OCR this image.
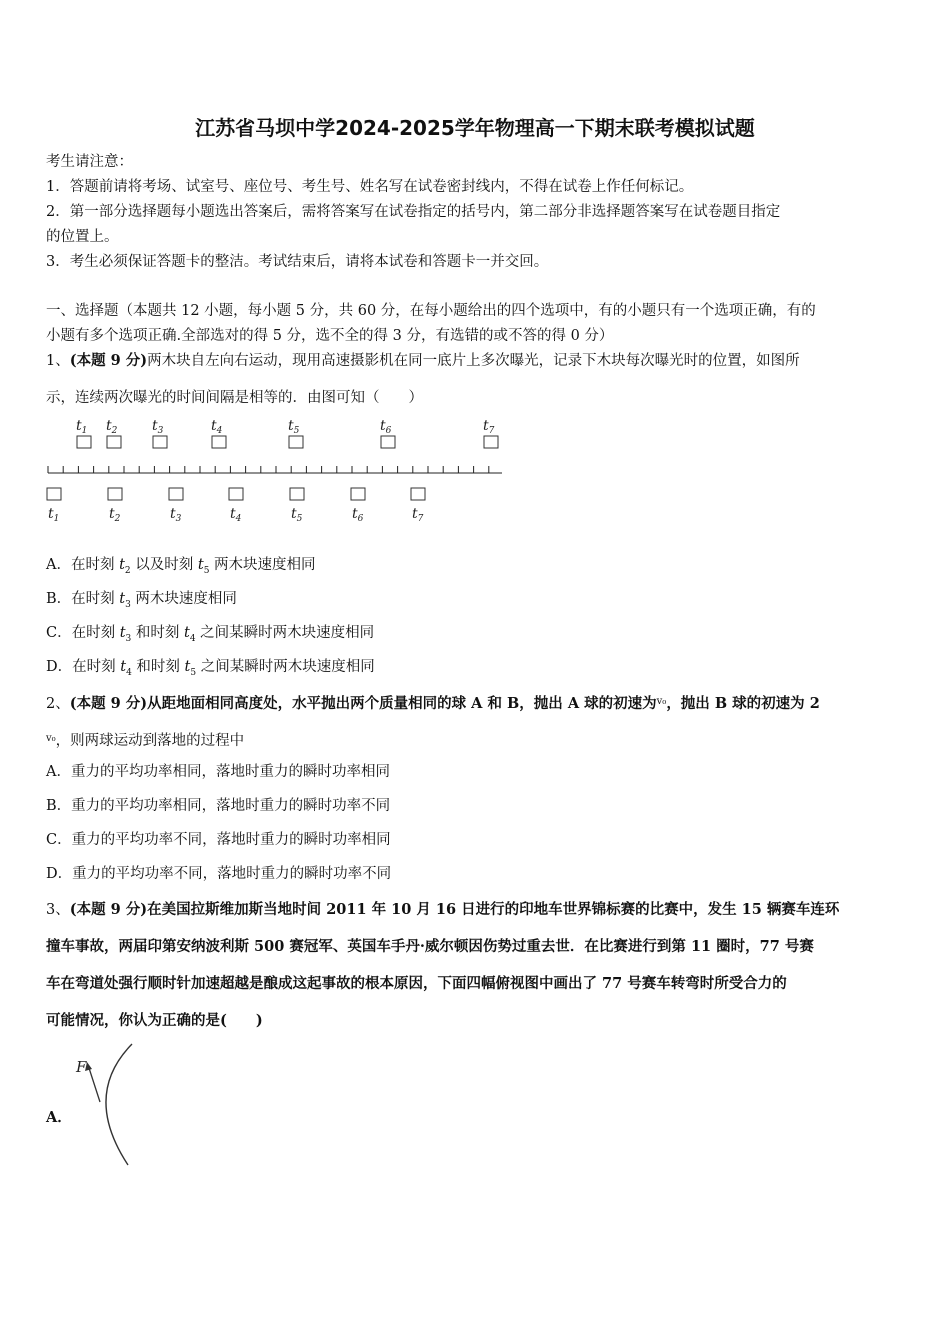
江苏省马坝中学2024-2025学年物理高一下期末联考模拟试题
考生请注意：
1．答题前请将考场、试室号、座位号、考生号、姓名写在试卷密封线内，不得在试卷上作任何标记。
2．第一部分选择题每小题选出答案后，需将答案写在试卷指定的括号内，第二部分非选择题答案写在试卷题目指定
的位置上。
3．考生必须保证答题卡的整洁。考试结束后，请将本试卷和答题卡一并交回。
一、选择题（本题共 12 小题，每小题 5 分，共 60 分，在每小题给出的四个选项中，有的小题只有一个选项正确，有的
小题有多个选项正确.全部选对的得 5 分，选不全的得 3 分，有选错的或不答的得 0 分）
1、(本题 9 分)两木块自左向右运动，现用高速摄影机在同一底片上多次曝光，记录下木块每次曝光时的位置，如图所
示，连续两次曝光的时间间隔是相等的．由图可知（　　）
$t_1$ $t_2$ $t_3$	$t_4$	$t_5$	$t_6$	$t_7$
$t_1$	$t_2$	$t_3$	$t_4$	$t_5$	$t_6$	$t_7$
A．在时刻 $t_2$ 以及时刻 $t_5$ 两木块速度相同
B．在时刻 $t_3$ 两木块速度相同
C．在时刻 $t_3$ 和时刻 $t_4$ 之间某瞬时两木块速度相同
D．在时刻 $t_4$ 和时刻 $t_5$ 之间某瞬时两木块速度相同
2、(本题 9 分)从距地面相同高度处，水平抛出两个质量相同的球 A 和 B，抛出 A 球的初速为$^{v_0}$，抛出 B 球的初速为 2
$^{v_0}$，则两球运动到落地的过程中
A．重力的平均功率相同，落地时重力的瞬时功率相同
B．重力的平均功率相同，落地时重力的瞬时功率不同
C．重力的平均功率不同，落地时重力的瞬时功率相同
D．重力的平均功率不同，落地时重力的瞬时功率不同
3、(本题 9 分)在美国拉斯维加斯当地时间 2011 年 10 月 16 日进行的印地车世界锦标赛的比赛中，发生 15 辆赛车连环
撞车事故，两届印第安纳波利斯 500 赛冠军、英国车手丹·威尔顿因伤势过重去世．在比赛进行到第 11 圈时，77 号赛
车在弯道处强行顺时针加速超越是酿成这起事故的根本原因，下面四幅俯视图中画出了 77 号赛车转弯时所受合力的
可能情况，你认为正确的是(　　)
A．
F
